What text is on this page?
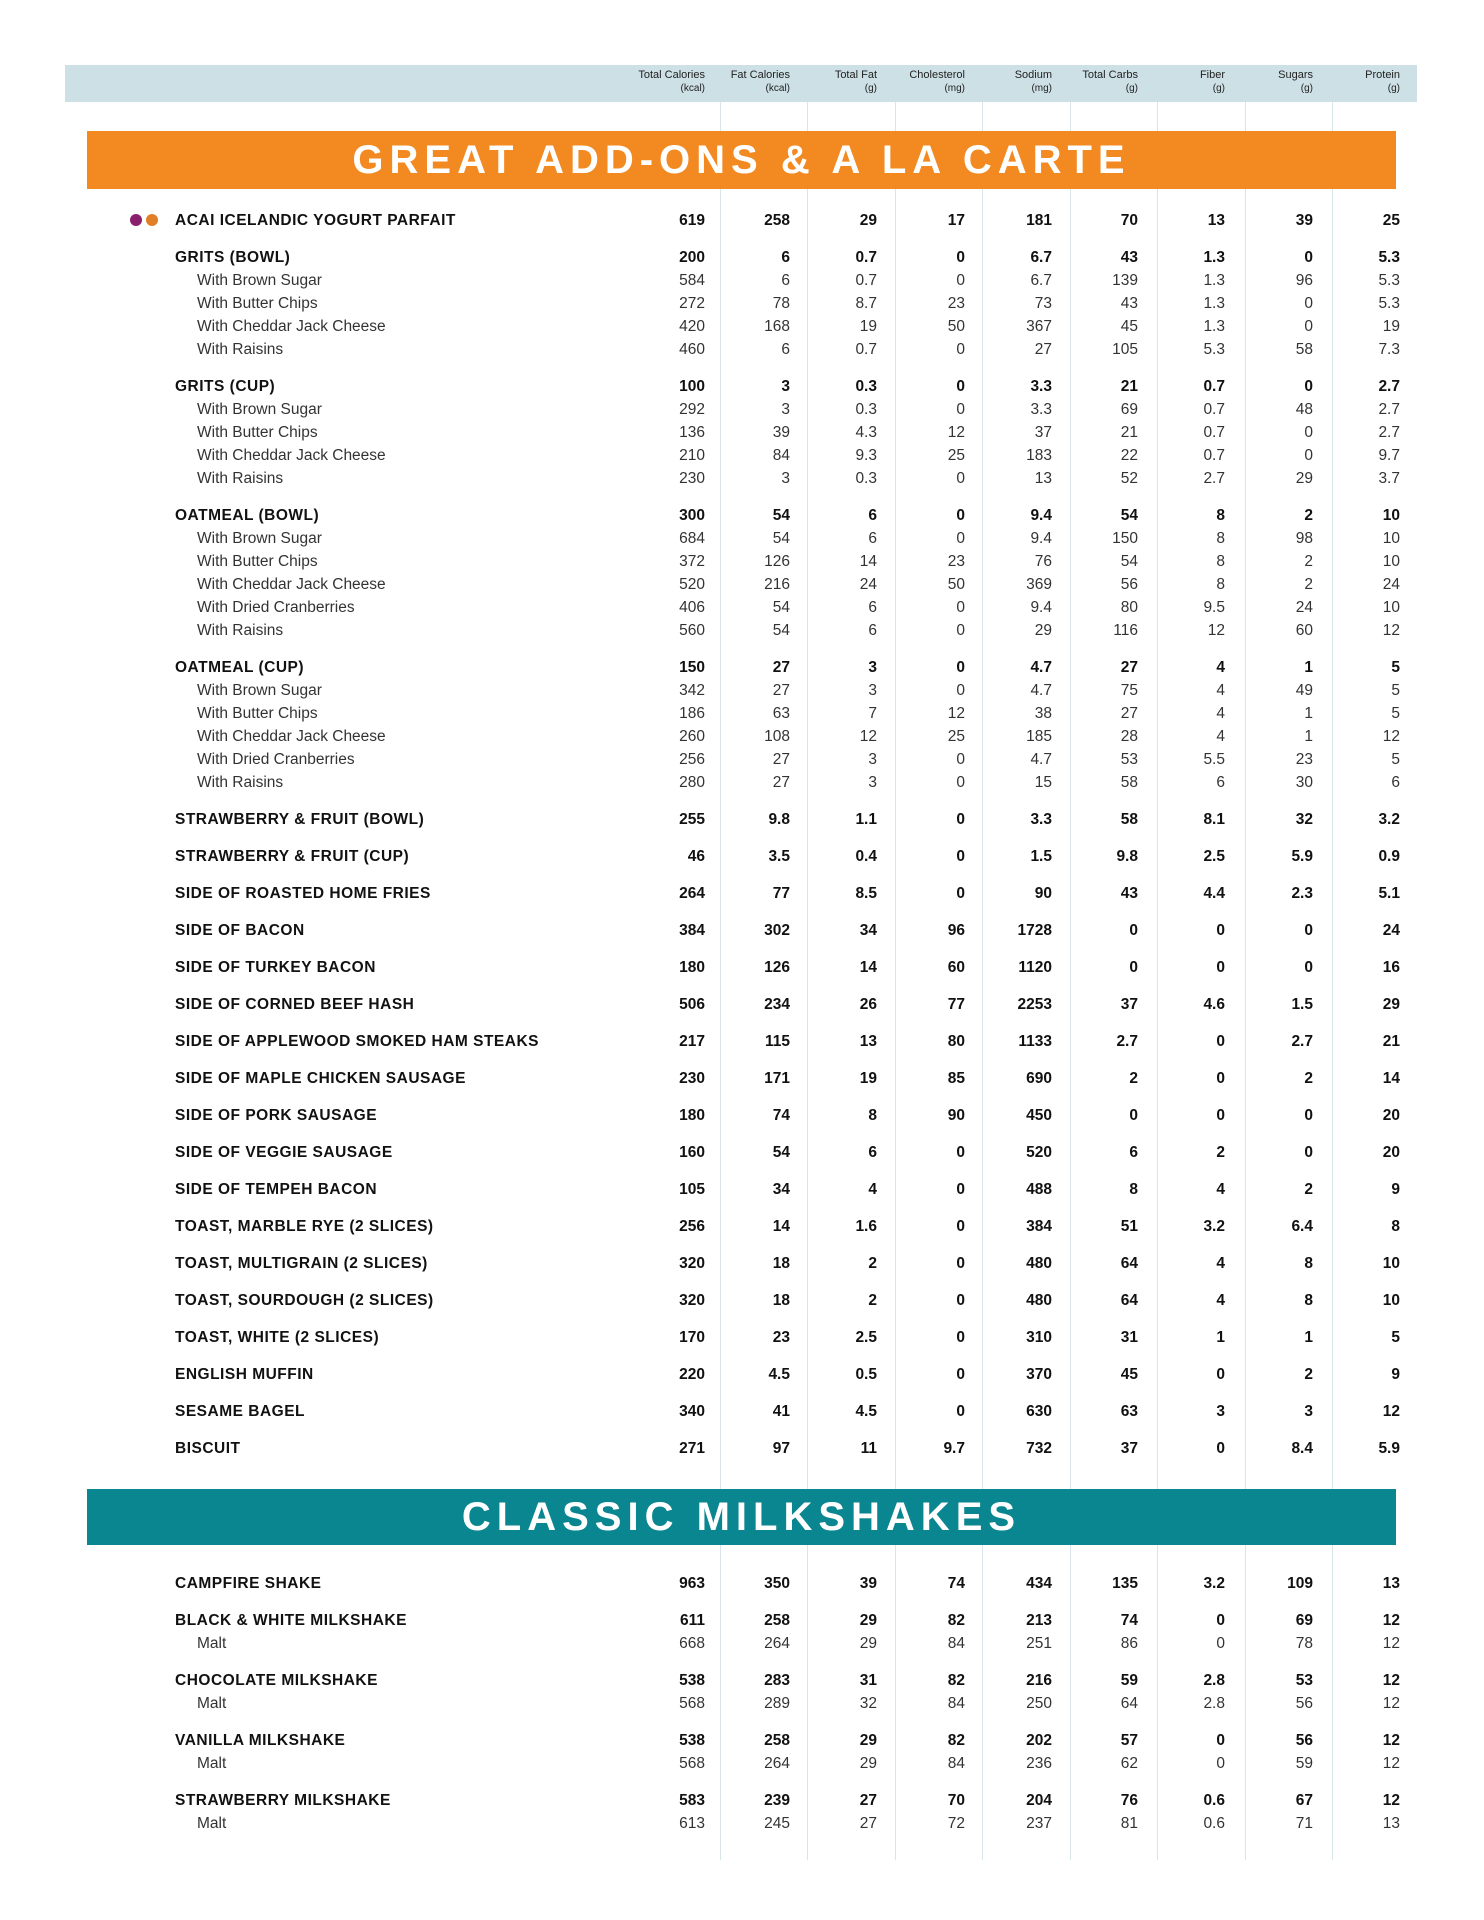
Total Calories
(kcal)
Fat Calories
(kcal)
Total Fat
(g)
Cholesterol
(mg)
Sodium
(mg)
Total Carbs
(g)
Fiber
(g)
Sugars
(g)
Protein
(g)
GREAT ADD-ONS & A LA CARTE
CLASSIC MILKSHAKES
ACAI ICELANDIC YOGURT PARFAIT	619	258	29	17	181	70	13	39	25
GRITS (BOWL)	200	6	0.7	0	6.7	43	1.3	0	5.3
With Brown Sugar	584	6	0.7	0	6.7	139	1.3	96	5.3
With Butter Chips	272	78	8.7	23	73	43	1.3	0	5.3
With Cheddar Jack Cheese	420	168	19	50	367	45	1.3	0	19
With Raisins	460	6	0.7	0	27	105	5.3	58	7.3
GRITS (CUP)	100	3	0.3	0	3.3	21	0.7	0	2.7
With Brown Sugar	292	3	0.3	0	3.3	69	0.7	48	2.7
With Butter Chips	136	39	4.3	12	37	21	0.7	0	2.7
With Cheddar Jack Cheese	210	84	9.3	25	183	22	0.7	0	9.7
With Raisins	230	3	0.3	0	13	52	2.7	29	3.7
OATMEAL (BOWL)	300	54	6	0	9.4	54	8	2	10
With Brown Sugar	684	54	6	0	9.4	150	8	98	10
With Butter Chips	372	126	14	23	76	54	8	2	10
With Cheddar Jack Cheese	520	216	24	50	369	56	8	2	24
With Dried Cranberries	406	54	6	0	9.4	80	9.5	24	10
With Raisins	560	54	6	0	29	116	12	60	12
OATMEAL (CUP)	150	27	3	0	4.7	27	4	1	5
With Brown Sugar	342	27	3	0	4.7	75	4	49	5
With Butter Chips	186	63	7	12	38	27	4	1	5
With Cheddar Jack Cheese	260	108	12	25	185	28	4	1	12
With Dried Cranberries	256	27	3	0	4.7	53	5.5	23	5
With Raisins	280	27	3	0	15	58	6	30	6
STRAWBERRY & FRUIT (BOWL)	255	9.8	1.1	0	3.3	58	8.1	32	3.2
STRAWBERRY & FRUIT (CUP)	46	3.5	0.4	0	1.5	9.8	2.5	5.9	0.9
SIDE OF ROASTED HOME FRIES	264	77	8.5	0	90	43	4.4	2.3	5.1
SIDE OF BACON	384	302	34	96	1728	0	0	0	24
SIDE OF TURKEY BACON	180	126	14	60	1120	0	0	0	16
SIDE OF CORNED BEEF HASH	506	234	26	77	2253	37	4.6	1.5	29
SIDE OF APPLEWOOD SMOKED HAM STEAKS	217	115	13	80	1133	2.7	0	2.7	21
SIDE OF MAPLE CHICKEN SAUSAGE	230	171	19	85	690	2	0	2	14
SIDE OF PORK SAUSAGE	180	74	8	90	450	0	0	0	20
SIDE OF VEGGIE SAUSAGE	160	54	6	0	520	6	2	0	20
SIDE OF TEMPEH BACON	105	34	4	0	488	8	4	2	9
TOAST, MARBLE RYE (2 SLICES)	256	14	1.6	0	384	51	3.2	6.4	8
TOAST, MULTIGRAIN (2 SLICES)	320	18	2	0	480	64	4	8	10
TOAST, SOURDOUGH (2 SLICES)	320	18	2	0	480	64	4	8	10
TOAST, WHITE (2 SLICES)	170	23	2.5	0	310	31	1	1	5
ENGLISH MUFFIN	220	4.5	0.5	0	370	45	0	2	9
SESAME BAGEL	340	41	4.5	0	630	63	3	3	12
BISCUIT	271	97	11	9.7	732	37	0	8.4	5.9
CAMPFIRE SHAKE	963	350	39	74	434	135	3.2	109	13
BLACK & WHITE MILKSHAKE	611	258	29	82	213	74	0	69	12
Malt	668	264	29	84	251	86	0	78	12
CHOCOLATE MILKSHAKE	538	283	31	82	216	59	2.8	53	12
Malt	568	289	32	84	250	64	2.8	56	12
VANILLA MILKSHAKE	538	258	29	82	202	57	0	56	12
Malt	568	264	29	84	236	62	0	59	12
STRAWBERRY MILKSHAKE	583	239	27	70	204	76	0.6	67	12
Malt	613	245	27	72	237	81	0.6	71	13
